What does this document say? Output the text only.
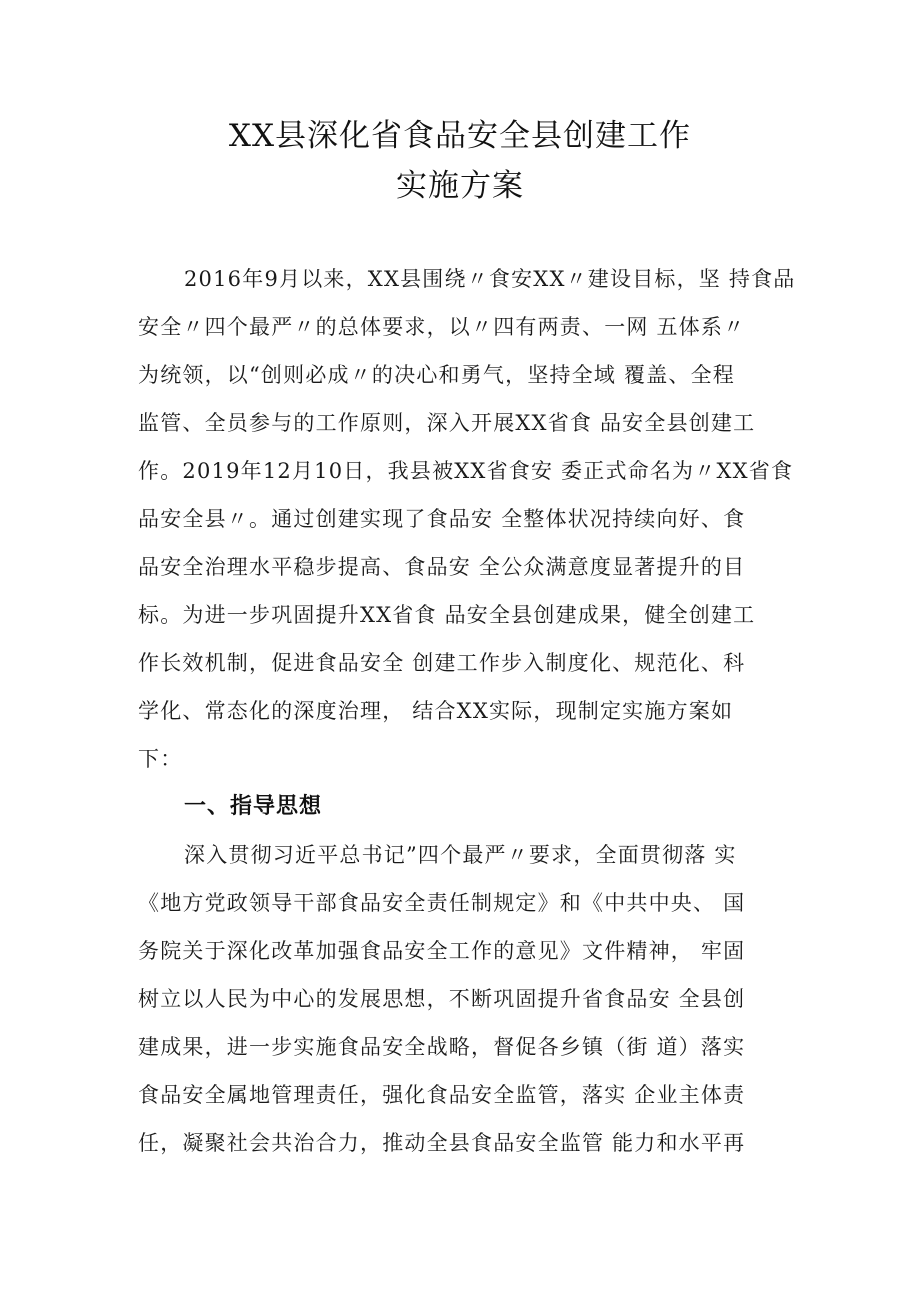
XX县深化省食品安全县创建工作
实施方案
2016年9月以来，XX县围绕〃食安XX〃建设目标，坚 持食品
安全〃四个最严〃的总体要求，以〃四有两责、一网 五体系〃
为统领，以“创则必成〃的决心和勇气，坚持全域 覆盖、全程
监管、全员参与的工作原则，深入开展XX省食 品安全县创建工
作。2019年12月10日，我县被XX省食安 委正式命名为〃XX省食
品安全县〃。通过创建实现了食品安 全整体状况持续向好、食
品安全治理水平稳步提高、食品安 全公众满意度显著提升的目
标。为进一步巩固提升XX省食 品安全县创建成果，健全创建工
作长效机制，促进食品安全 创建工作步入制度化、规范化、科
学化、常态化的深度治理， 结合XX实际，现制定实施方案如
下：
一、指导思想
深入贯彻习近平总书记”四个最严〃要求，全面贯彻落 实
《地方党政领导干部食品安全责任制规定》和《中共中央、 国
务院关于深化改革加强食品安全工作的意见》文件精神， 牢固
树立以人民为中心的发展思想，不断巩固提升省食品安 全县创
建成果，进一步实施食品安全战略，督促各乡镇（街 道）落实
食品安全属地管理责任，强化食品安全监管，落实 企业主体责
任，凝聚社会共治合力，推动全县食品安全监管 能力和水平再
